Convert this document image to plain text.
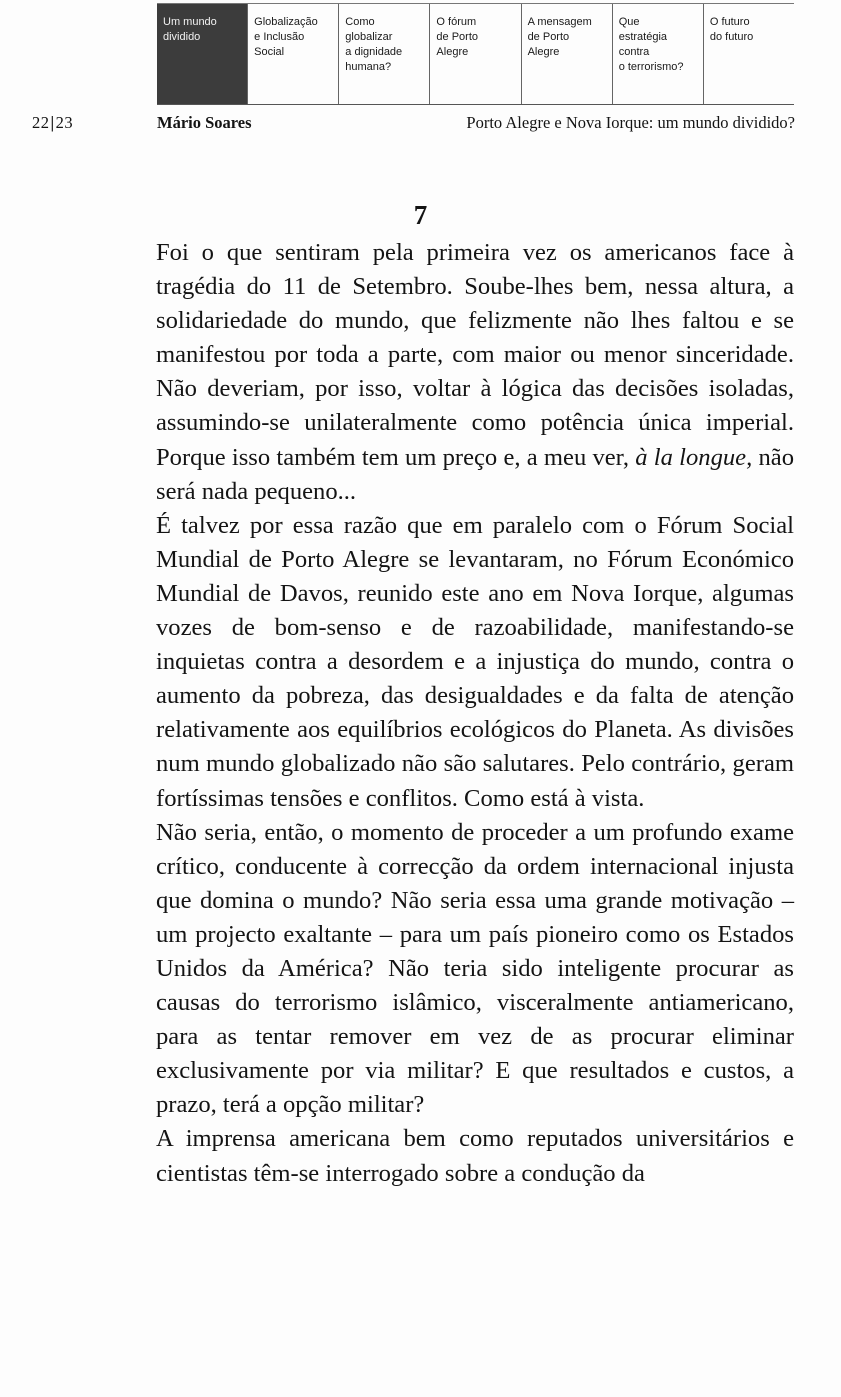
Um mundo
dividido
Globalização
e Inclusão
Social
Como
globalizar
a dignidade
humana?
O fórum
de Porto
Alegre
A mensagem
de Porto
Alegre
Que
estratégia
contra
o terrorismo?
O futuro
do futuro
22|23	Mário Soares	Porto Alegre e Nova Iorque: um mundo dividido?
7

Foi o que sentiram pela primeira vez os americanos face à tragédia do 11 de Setembro. Soube-lhes bem, nessa altura, a solidariedade do mundo, que felizmente não lhes faltou e se manifestou por toda a parte, com maior ou menor sinceridade. Não deveriam, por isso, voltar à lógica das decisões isoladas, assumindo-se unilateralmente como potência única imperial. Porque isso também tem um preço e, a meu ver, à la longue, não será nada pequeno...

É talvez por essa razão que em paralelo com o Fórum Social Mundial de Porto Alegre se levantaram, no Fórum Económico Mundial de Davos, reunido este ano em Nova Iorque, algumas vozes de bom-senso e de razoabilidade, manifestando-se inquietas contra a desordem e a injustiça do mundo, contra o aumento da pobreza, das desigualdades e da falta de atenção relativamente aos equilíbrios ecológicos do Planeta. As divisões num mundo globalizado não são salutares. Pelo contrário, geram fortíssimas tensões e conflitos. Como está à vista.

Não seria, então, o momento de proceder a um profundo exame crítico, conducente à correcção da ordem internacional injusta que domina o mundo? Não seria essa uma grande motivação – um projecto exaltante – para um país pioneiro como os Estados Unidos da América? Não teria sido inteligente procurar as causas do terrorismo islâmico, visceralmente antiamericano, para as tentar remover em vez de as procurar eliminar exclusivamente por via militar? E que resultados e custos, a prazo, terá a opção militar?

A imprensa americana bem como reputados universitários e cientistas têm-se interrogado sobre a condução da
